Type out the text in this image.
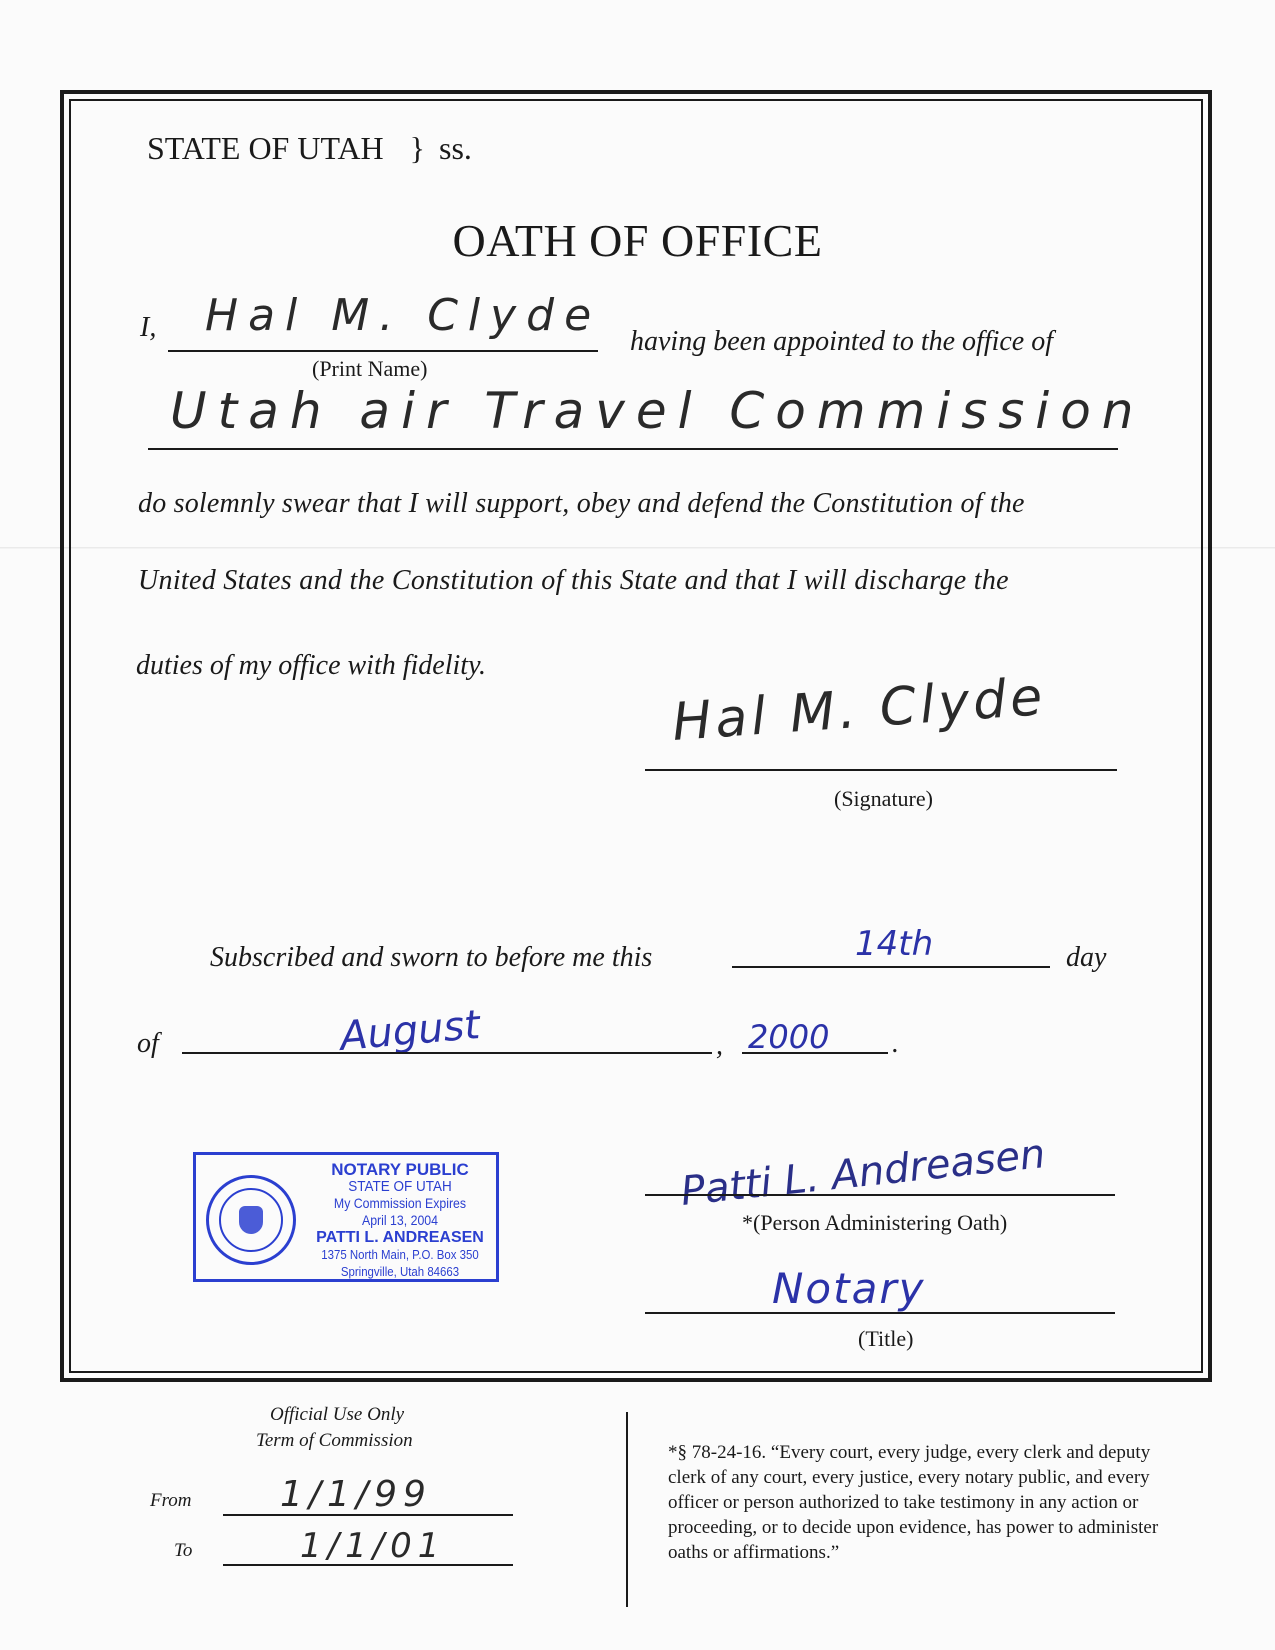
STATE OF UTAH } ss.
OATH OF OFFICE
I, Hal M. Clyde
(Print Name)
having been appointed to the office of
Utah air Travel Commission
do solemnly swear that I will support, obey and defend the Constitution of the
United States and the Constitution of this State and that I will discharge the
duties of my office with fidelity.
Hal M. Clyde
(Signature)
Subscribed and sworn to before me this	14th	day
of	August	, 2000 .
NOTARY PUBLIC
STATE OF UTAH
My Commission Expires
April 13, 2004
PATTI L. ANDREASEN
1375 North Main, P.O. Box 350
Springville, Utah 84663
Patti L. Andreasen
*(Person Administering Oath)
Notary
(Title)
Official Use Only
Term of Commission
From 1/1/99
To	1/1/01
*§ 78-24-16. “Every court, every judge, every clerk and deputy clerk of any court, every justice, every notary public, and every officer or person authorized to take testimony in any action or proceeding, or to decide upon evidence, has power to administer oaths or affirmations.”
